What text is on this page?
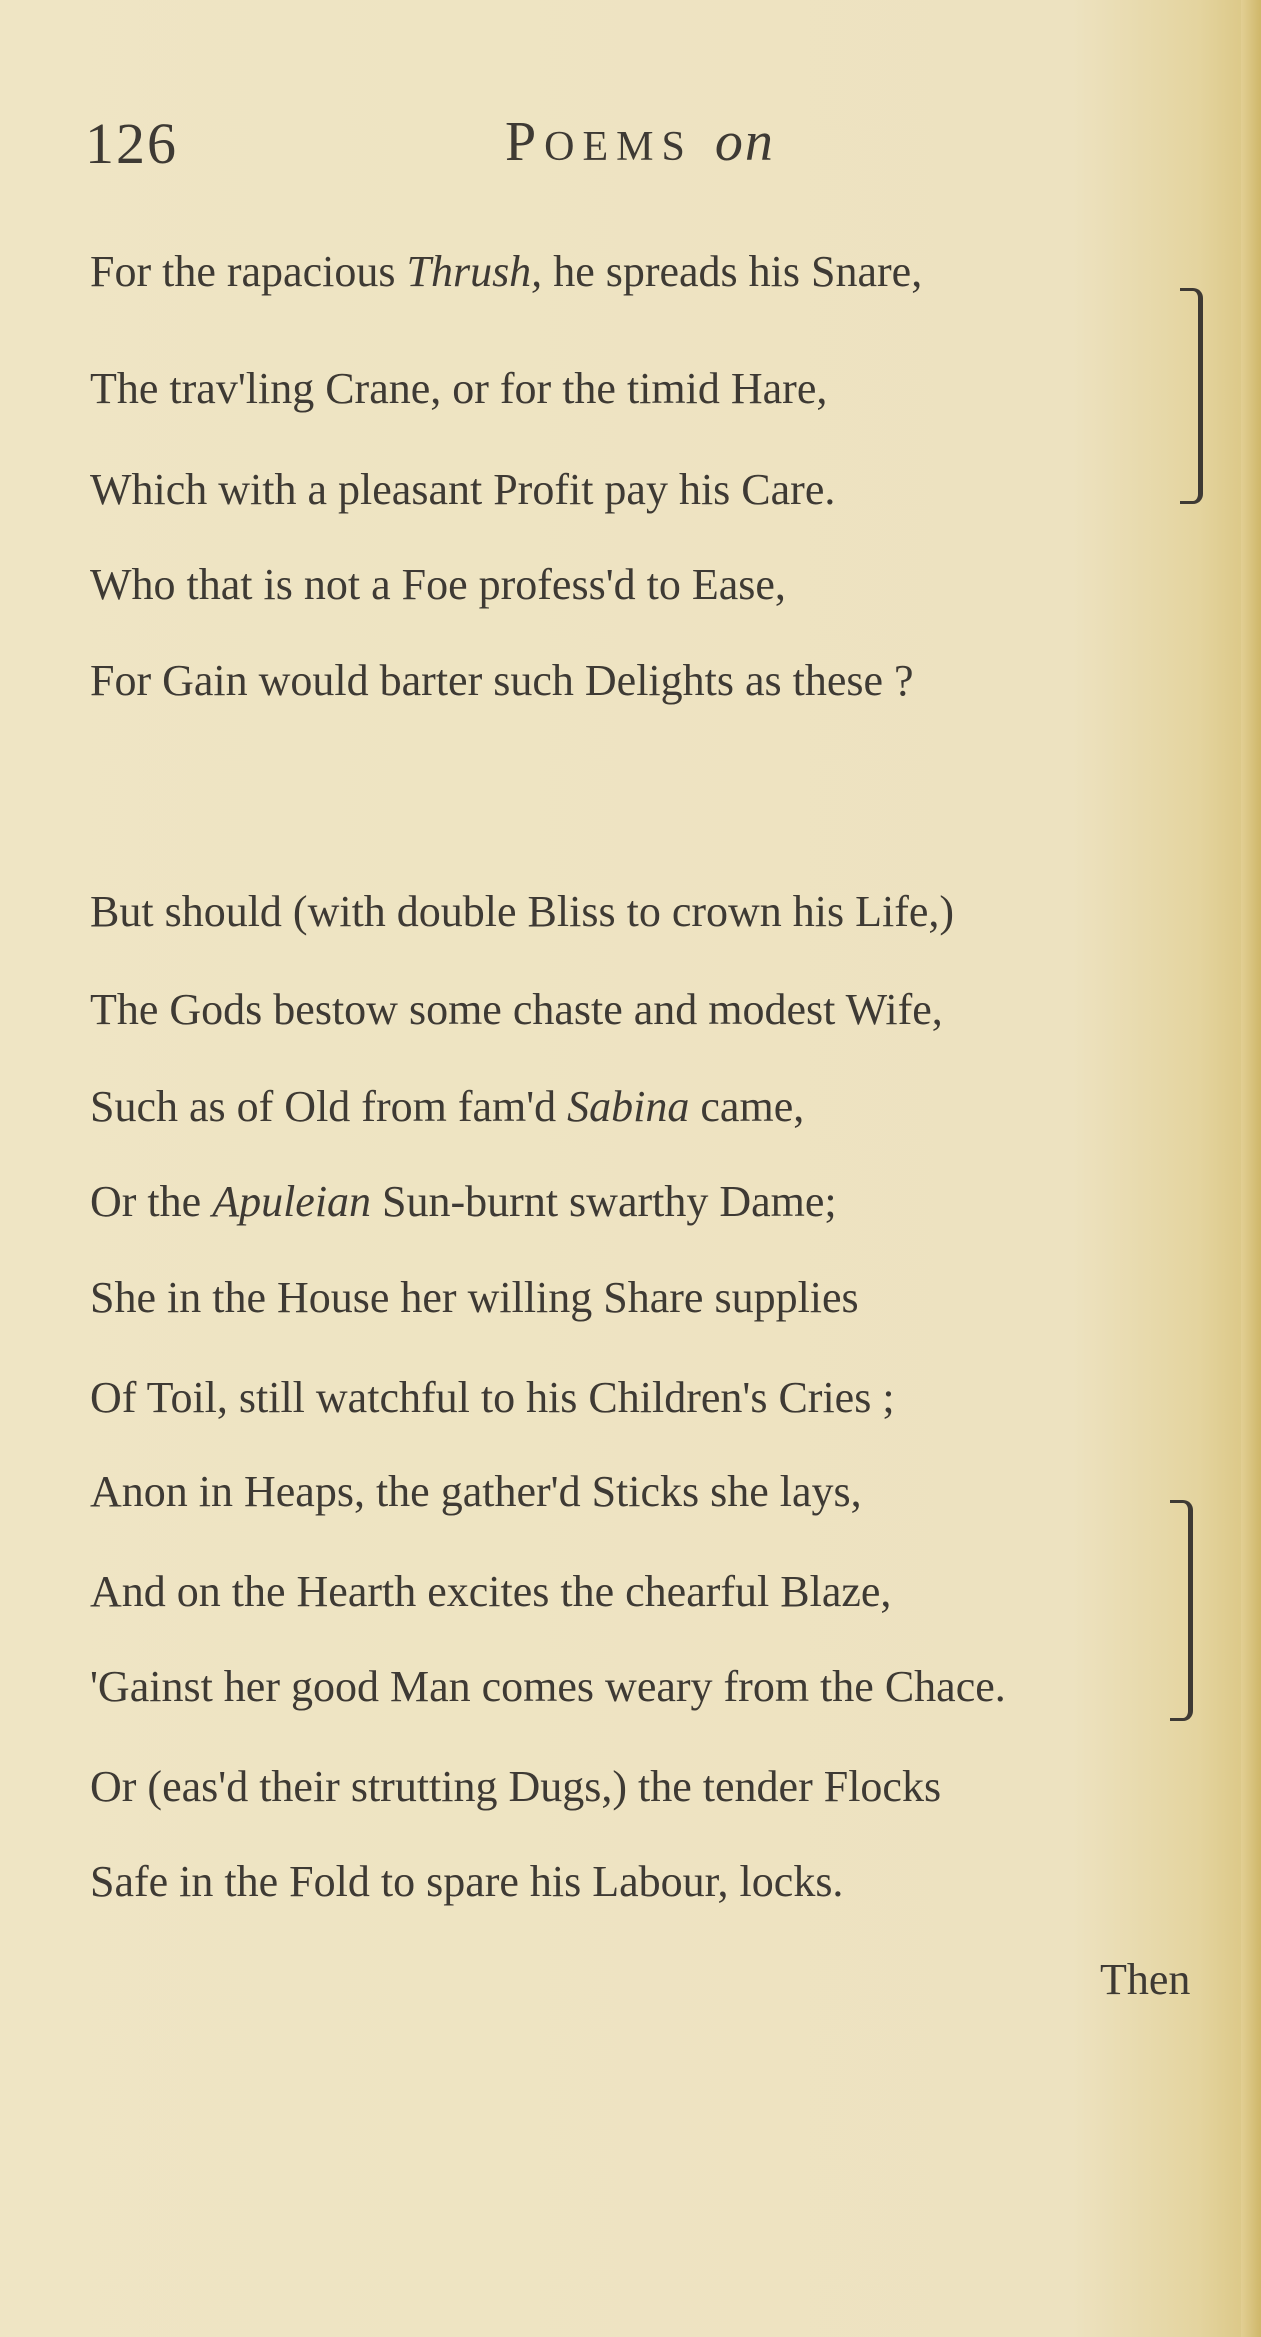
126	POEMS on
For the rapacious Thrush, he spreads his Snare,
The trav'ling Crane, or for the timid Hare,
Which with a pleasant Profit pay his Care.
Who that is not a Foe profess'd to Ease,
For Gain would barter such Delights as these ?
But should (with double Bliss to crown his Life,)
The Gods bestow some chaste and modest Wife,
Such as of Old from fam'd Sabina came,
Or the Apuleian Sun-burnt swarthy Dame;
She in the House her willing Share supplies
Of Toil, still watchful to his Children's Cries ;
Anon in Heaps, the gather'd Sticks she lays,
And on the Hearth excites the chearful Blaze,
'Gainst her good Man comes weary from the Chace.
Or (eas'd their strutting Dugs,) the tender Flocks
Safe in the Fold to spare his Labour, locks.
Then
